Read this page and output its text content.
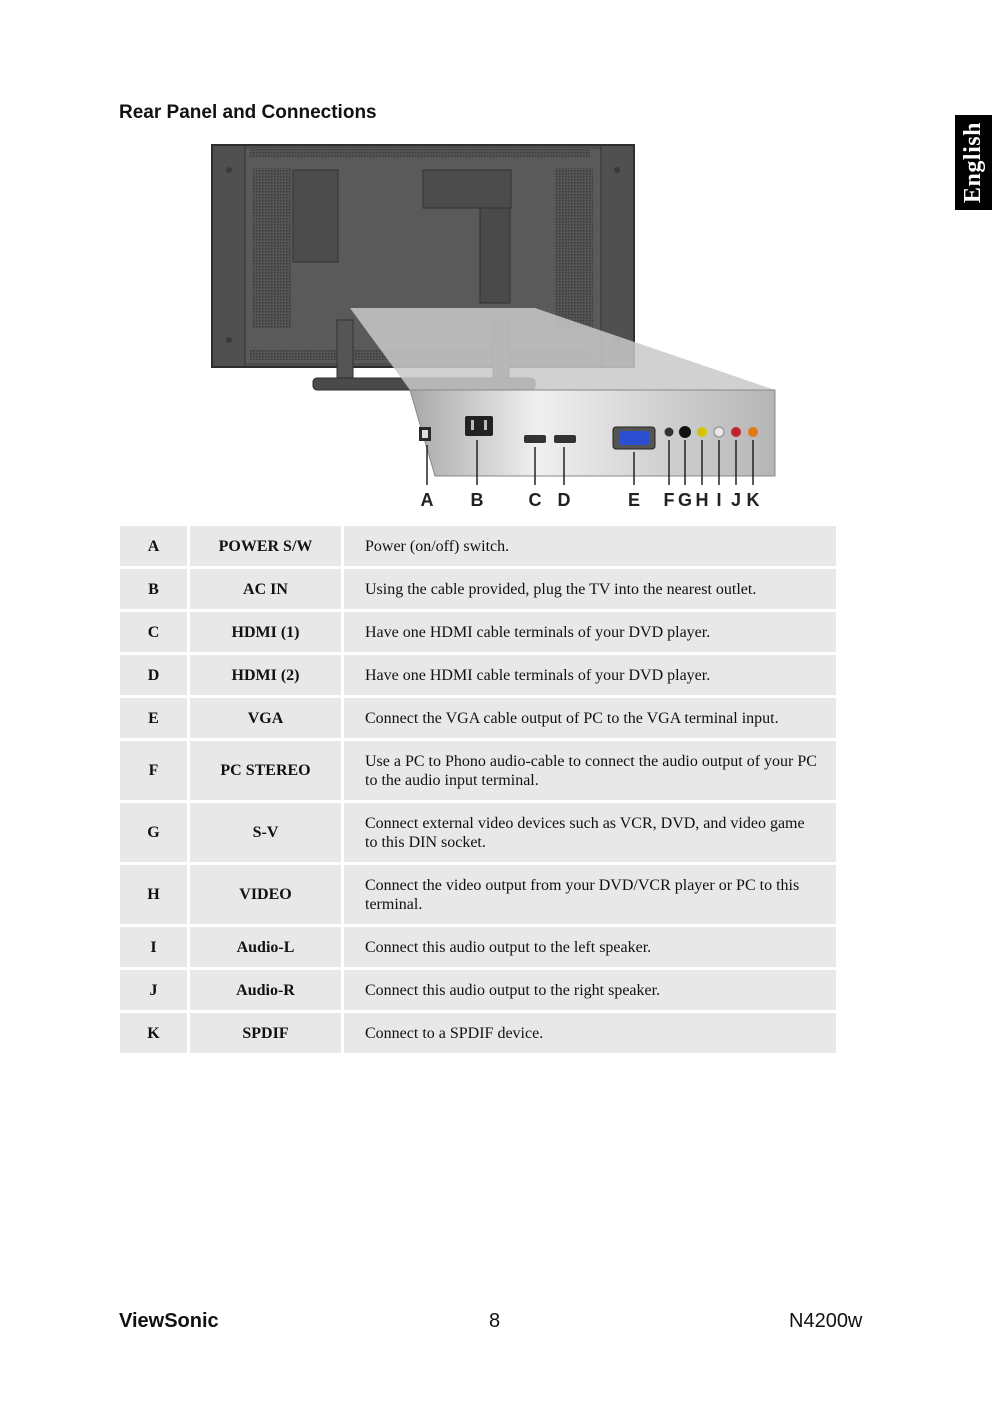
Rear Panel and Connections
English
A B	C D	E F G H I J K
A	POWER S/W	Power (on/off) switch.
B	AC IN	Using the cable provided, plug the TV into the nearest outlet.
C	HDMI (1)	Have one HDMI cable terminals of your DVD player.
D	HDMI (2)	Have one HDMI cable terminals of your DVD player.
E	VGA	Connect the VGA cable output of PC to the VGA terminal input.
F	PC STEREO	Use a PC to Phono audio-cable to connect the audio output of your PC to the audio input terminal.
G	S-V	Connect external video devices such as VCR, DVD, and video game to this DIN socket.
H	VIDEO	Connect the video output from your DVD/VCR player or PC to this terminal.
I	Audio-L	Connect this audio output to the left speaker.
J	Audio-R	Connect this audio output to the right speaker.
K	SPDIF	Connect to a SPDIF device.
ViewSonic	8	N4200w
